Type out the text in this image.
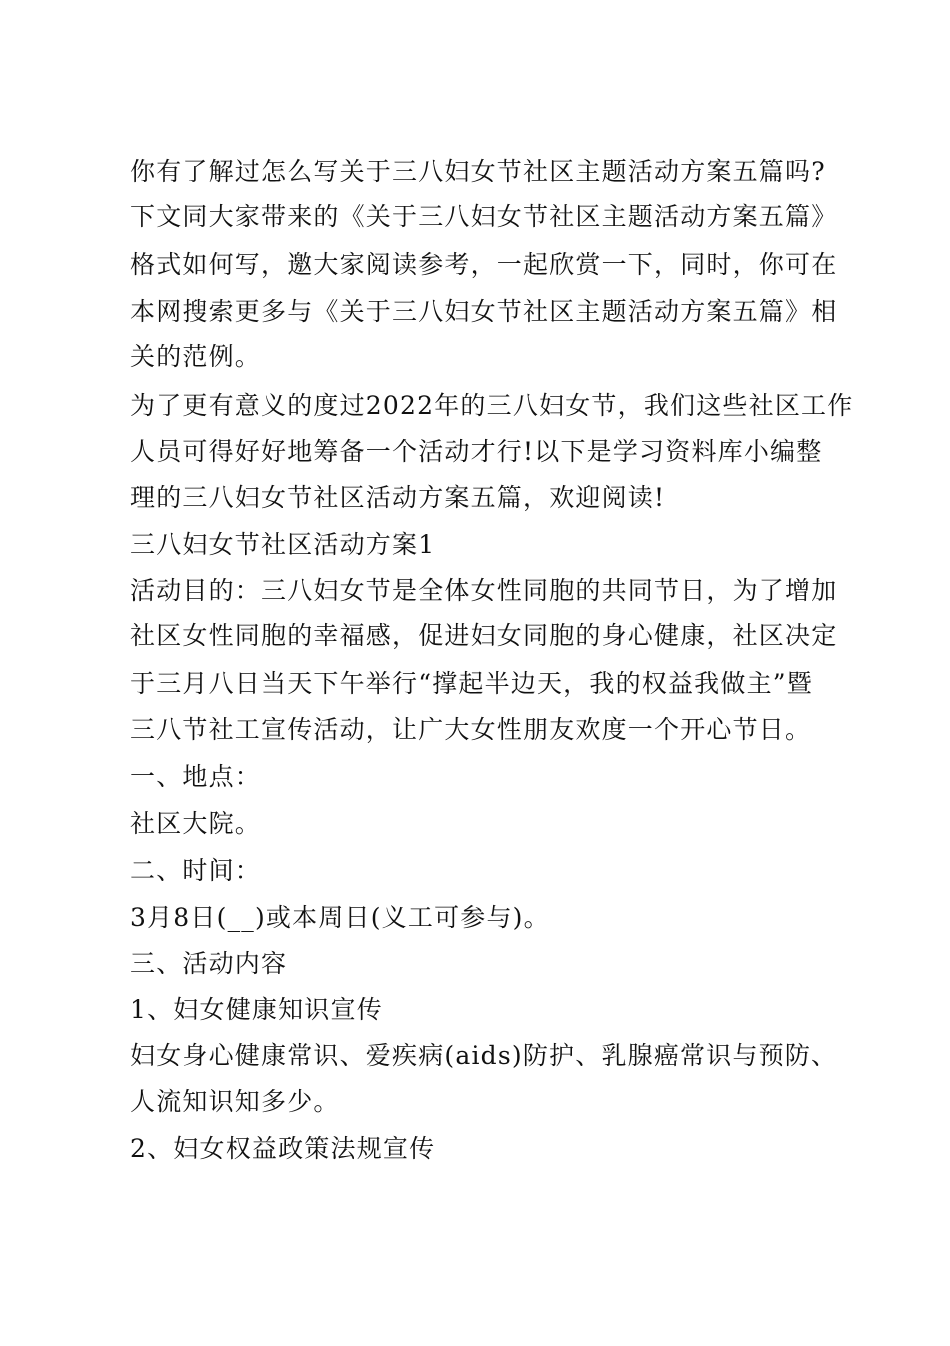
你有了解过怎么写关于三八妇女节社区主题活动方案五篇吗?
下文同大家带来的《关于三八妇女节社区主题活动方案五篇》
格式如何写，邀大家阅读参考，一起欣赏一下，同时，你可在
本网搜索更多与《关于三八妇女节社区主题活动方案五篇》相
关的范例。
为了更有意义的度过2022年的三八妇女节，我们这些社区工作
人员可得好好地筹备一个活动才行!以下是学习资料库小编整
理的三八妇女节社区活动方案五篇，欢迎阅读!
三八妇女节社区活动方案1
活动目的：三八妇女节是全体女性同胞的共同节日，为了增加
社区女性同胞的幸福感，促进妇女同胞的身心健康，社区决定
于三月八日当天下午举行“撑起半边天，我的权益我做主”暨
三八节社工宣传活动，让广大女性朋友欢度一个开心节日。
一、地点：
社区大院。
二、时间：
3月8日(__)或本周日(义工可参与)。
三、活动内容
1、妇女健康知识宣传
妇女身心健康常识、爱疾病(aids)防护、乳腺癌常识与预防、
人流知识知多少。
2、妇女权益政策法规宣传
